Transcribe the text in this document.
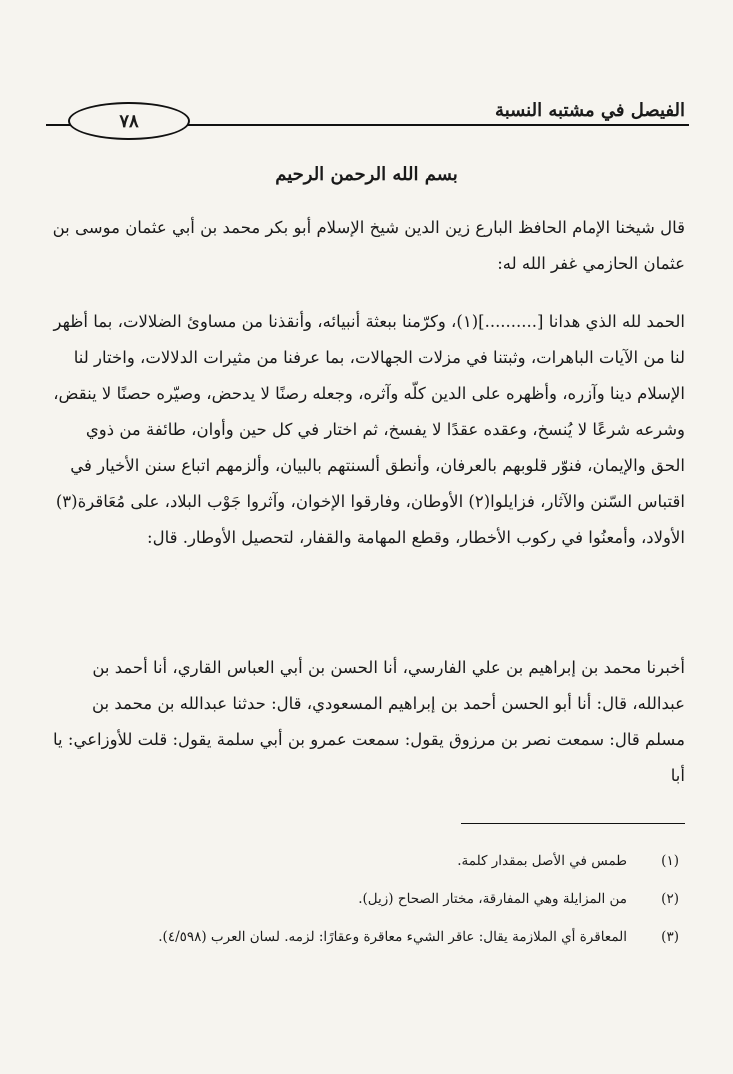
الفيصل في مشتبه النسبة
٧٨
بسم الله الرحمن الرحيم

قال شيخنا الإمام الحافظ البارع زين الدين شيخ الإسلام أبو بكر محمد بن أبي عثمان موسى بن عثمان الحازمي غفر الله له:

الحمد لله الذي هدانا [..........](١)، وكرّمنا ببعثة أنبيائه، وأنقذنا من مساوئ الضلالات، بما أظهر لنا من الآيات الباهرات، وثبتنا في مزلات الجهالات، بما عرفنا من مثيرات الدلالات، واختار لنا الإسلام دينا وآزره، وأظهره على الدين كلّه وآثره، وجعله رصنًا لا يدحض، وصيّره حصنًا لا ينقض، وشرعه شرعًا لا يُنسخ، وعقده عقدًا لا يفسخ، ثم اختار في كل حين وأوان، طائفة من ذوي الحق والإيمان، فنوّر قلوبهم بالعرفان، وأنطق ألسنتهم بالبيان، وألزمهم اتباع سنن الأخيار في اقتباس السّنن والآثار، فزايلوا(٢) الأوطان، وفارقوا الإخوان، وآثروا جَوْب البلاد، على مُعَاقرة(٣) الأولاد، وأمعنُوا في ركوب الأخطار، وقطع المهامة والقفار، لتحصيل الأوطار. قال:

أخبرنا محمد بن إبراهيم بن علي الفارسي، أنا الحسن بن أبي العباس القاري، أنا أحمد بن عبدالله، قال: أنا أبو الحسن أحمد بن إبراهيم المسعودي، قال: حدثنا عبدالله بن محمد بن مسلم قال: سمعت نصر بن مرزوق يقول: سمعت عمرو بن أبي سلمة يقول: قلت للأوزاعي: يا أبا

(١)
طمس في الأصل بمقدار كلمة.
(٢)
من المزايلة وهي المفارقة، مختار الصحاح (زيل).
(٣)
المعاقرة أي الملازمة يقال: عاقر الشيء معاقرة وعقارًا: لزمه. لسان العرب (٤/٥٩٨).
